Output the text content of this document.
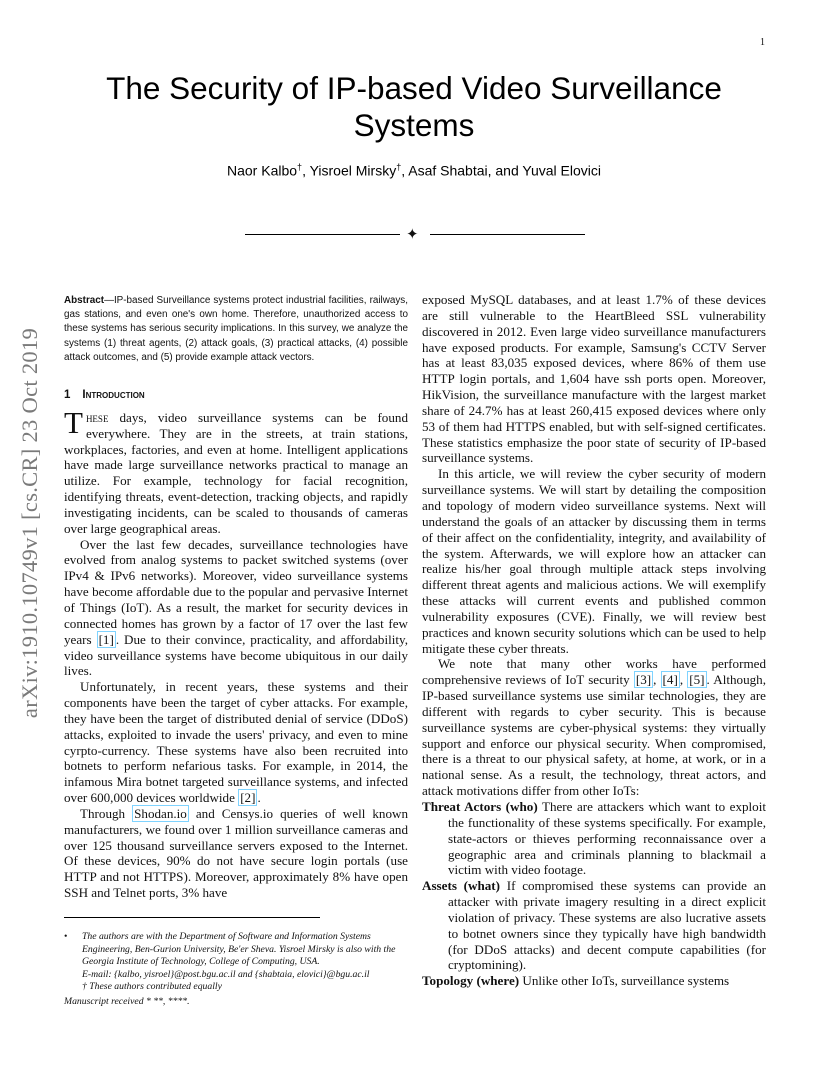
1
The Security of IP-based Video Surveillance Systems
Naor Kalbo†, Yisroel Mirsky†, Asaf Shabtai, and Yuval Elovici
✦
arXiv:1910.10749v1 [cs.CR] 23 Oct 2019

Abstract—IP-based Surveillance systems protect industrial facilities, railways, gas stations, and even one's own home. Therefore, unauthorized access to these systems has serious security implications. In this survey, we analyze the systems (1) threat agents, (2) attack goals, (3) practical attacks, (4) possible attack outcomes, and (5) provide example attack vectors.

1 Introduction

These days, video surveillance systems can be found everywhere. They are in the streets, at train stations, workplaces, factories, and even at home. Intelligent applications have made large surveillance networks practical to manage an utilize. For example, technology for facial recognition, identifying threats, event-detection, tracking objects, and rapidly investigating incidents, can be scaled to thousands of cameras over large geographical areas.

Over the last few decades, surveillance technologies have evolved from analog systems to packet switched systems (over IPv4 & IPv6 networks). Moreover, video surveillance systems have become affordable due to the popular and pervasive Internet of Things (IoT). As a result, the market for security devices in connected homes has grown by a factor of 17 over the last few years [1] . Due to their convince, practicality, and affordability, video surveillance systems have become ubiquitous in our daily lives.

Unfortunately, in recent years, these systems and their components have been the target of cyber attacks. For example, they have been the target of distributed denial of service (DDoS) attacks, exploited to invade the users' privacy, and even to mine cyrpto-currency. These systems have also been recruited into botnets to perform nefarious tasks. For example, in 2014, the infamous Mira botnet targeted surveillance systems, and infected over 600,000 devices worldwide [2] .

Through Shodan.io and Censys.io queries of well known manufacturers, we found over 1 million surveillance cameras and over 125 thousand surveillance servers exposed to the Internet. Of these devices, 90% do not have secure login portals (use HTTP and not HTTPS). Moreover, approximately 8% have open SSH and Telnet ports, 3% have

• The authors are with the Department of Software and Information Systems Engineering, Ben-Gurion University, Be'er Sheva. Yisroel Mirsky is also with the Georgia Institute of Technology, College of Computing, USA.
E-mail: {kalbo, yisroel}@post.bgu.ac.il and {shabtaia, elovici}@bgu.ac.il
† These authors contributed equally
Manuscript received * **, ****.

exposed MySQL databases, and at least 1.7% of these devices are still vulnerable to the HeartBleed SSL vulnerability discovered in 2012. Even large video surveillance manufacturers have exposed products. For example, Samsung's CCTV Server has at least 83,035 exposed devices, where 86% of them use HTTP login portals, and 1,604 have ssh ports open. Moreover, HikVision, the surveillance manufacture with the largest market share of 24.7% has at least 260,415 exposed devices where only 53 of them had HTTPS enabled, but with self-signed certificates. These statistics emphasize the poor state of security of IP-based surveillance systems.

In this article, we will review the cyber security of modern surveillance systems. We will start by detailing the composition and topology of modern video surveillance systems. Next will understand the goals of an attacker by discussing them in terms of their affect on the confidentiality, integrity, and availability of the system. Afterwards, we will explore how an attacker can realize his/her goal through multiple attack steps involving different threat agents and malicious actions. We will exemplify these attacks will current events and published common vulnerability exposures (CVE). Finally, we will review best practices and known security solutions which can be used to help mitigate these cyber threats.

We note that many other works have performed comprehensive reviews of IoT security [3] , [4] , [5] . Although, IP-based surveillance systems use similar technologies, they are different with regards to cyber security. This is because surveillance systems are cyber-physical systems: they virtually support and enforce our physical security. When compromised, there is a threat to our physical safety, at home, at work, or in a national sense. As a result, the technology, threat actors, and attack motivations differ from other IoTs:

Threat Actors (who) There are attackers which want to exploit the functionality of these systems specifically. For example, state-actors or thieves performing reconnaissance over a geographic area and criminals planning to blackmail a victim with video footage.

Assets (what) If compromised these systems can provide an attacker with private imagery resulting in a direct explicit violation of privacy. These systems are also lucrative assets to botnet owners since they typically have high bandwidth (for DDoS attacks) and decent compute capabilities (for cryptomining).

Topology (where) Unlike other IoTs, surveillance systems
